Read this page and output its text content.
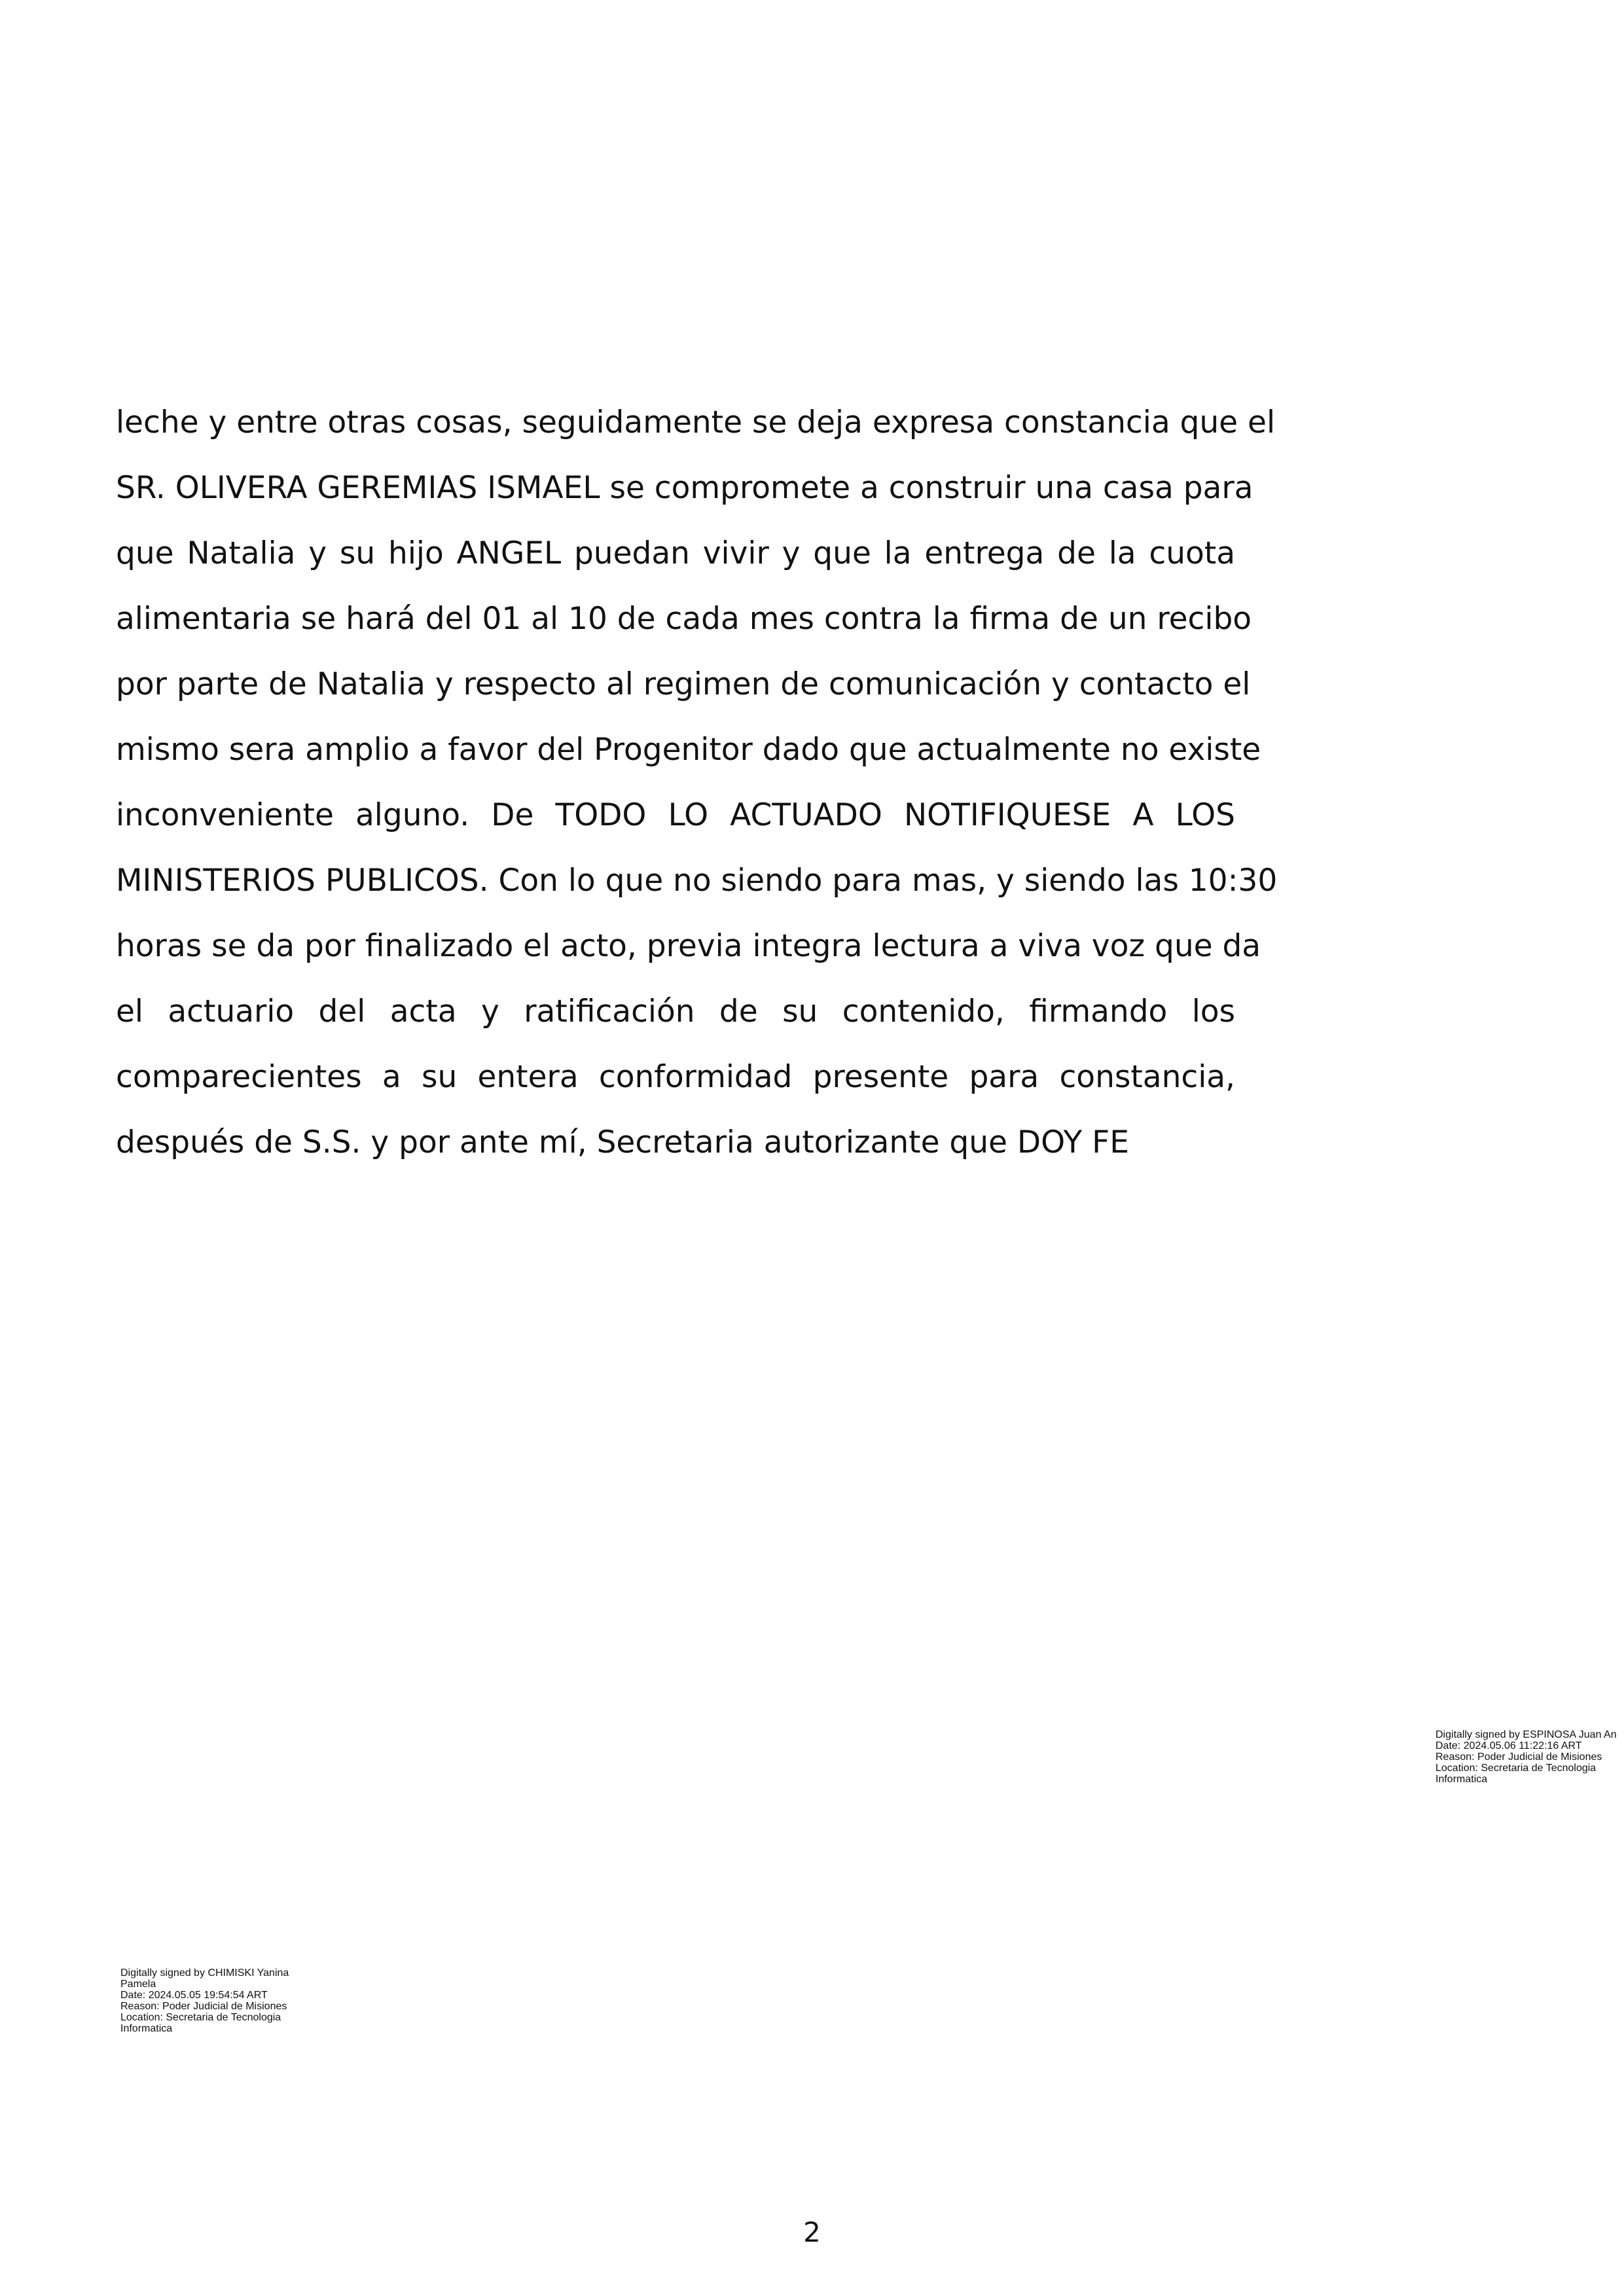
leche y entre otras cosas, seguidamente se deja expresa constancia que el
SR. OLIVERA GEREMIAS ISMAEL se compromete a construir una casa para
que Natalia y su hijo ANGEL puedan vivir y que la entrega de la cuota
alimentaria se hará del 01 al 10 de cada mes contra la firma de un recibo
por parte de Natalia y respecto al regimen de comunicación y contacto el
mismo sera amplio a favor del Progenitor dado que actualmente no existe
inconveniente alguno. De TODO LO ACTUADO NOTIFIQUESE A LOS
MINISTERIOS PUBLICOS. Con lo que no siendo para mas, y siendo las 10:30
horas se da por finalizado el acto, previa integra lectura a viva voz que da
el actuario del acta y ratificación de su contenido, firmando los
comparecientes a su entera conformidad presente para constancia,
después de S.S. y por ante mí, Secretaria autorizante que DOY FE
Digitally signed by ESPINOSA Juan An
Date: 2024.05.06 11:22:16 ART
Reason: Poder Judicial de Misiones
Location: Secretaria de Tecnologia
Informatica
Digitally signed by CHIMISKI Yanina
Pamela
Date: 2024.05.05 19:54:54 ART
Reason: Poder Judicial de Misiones
Location: Secretaria de Tecnologia
Informatica
2
